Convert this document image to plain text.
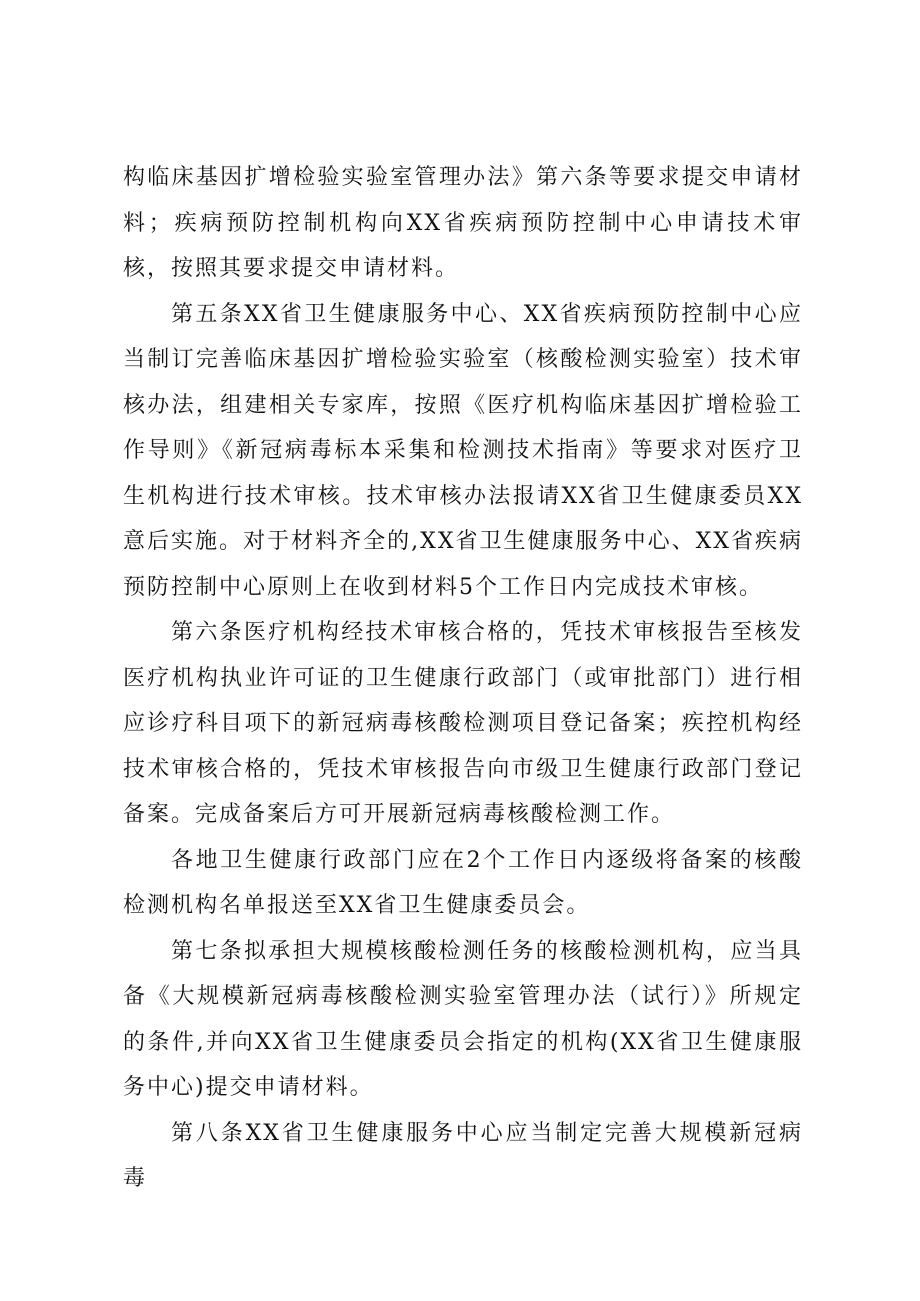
构临床基因扩增检验实验室管理办法》第六条等要求提交申请材料；疾病预防控制机构向XX省疾病预防控制中心申请技术审核，按照其要求提交申请材料。

第五条XX省卫生健康服务中心、XX省疾病预防控制中心应当制订完善临床基因扩增检验实验室（核酸检测实验室）技术审核办法，组建相关专家库，按照《医疗机构临床基因扩增检验工作导则》《新冠病毒标本采集和检测技术指南》等要求对医疗卫生机构进行技术审核。技术审核办法报请XX省卫生健康委员XX意后实施。对于材料齐全的,XX省卫生健康服务中心、XX省疾病预防控制中心原则上在收到材料5个工作日内完成技术审核。

第六条医疗机构经技术审核合格的，凭技术审核报告至核发医疗机构执业许可证的卫生健康行政部门（或审批部门）进行相应诊疗科目项下的新冠病毒核酸检测项目登记备案；疾控机构经技术审核合格的，凭技术审核报告向市级卫生健康行政部门登记备案。完成备案后方可开展新冠病毒核酸检测工作。

各地卫生健康行政部门应在2个工作日内逐级将备案的核酸检测机构名单报送至XX省卫生健康委员会。

第七条拟承担大规模核酸检测任务的核酸检测机构，应当具备《大规模新冠病毒核酸检测实验室管理办法（试行）》所规定的条件,并向XX省卫生健康委员会指定的机构(XX省卫生健康服务中心)提交申请材料。

第八条XX省卫生健康服务中心应当制定完善大规模新冠病毒
